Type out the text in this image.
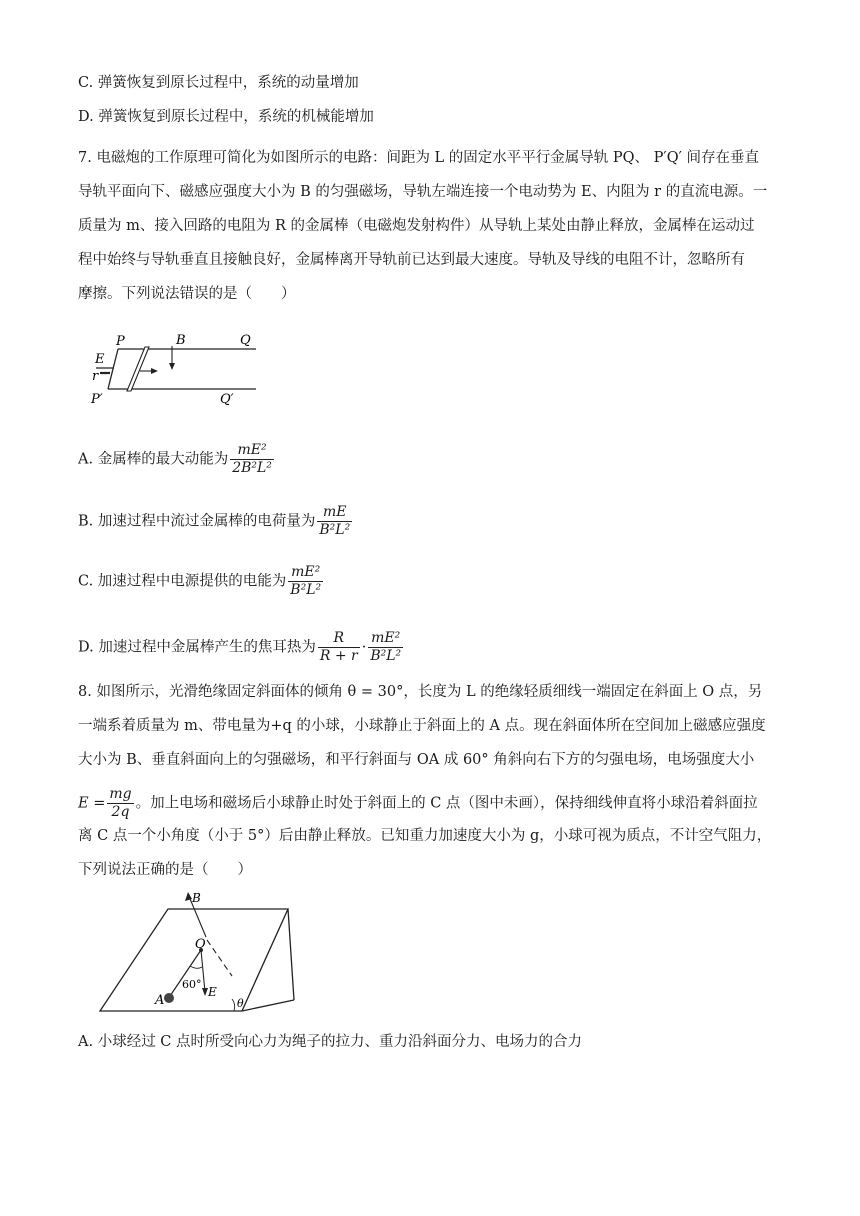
C. 弹簧恢复到原长过程中，系统的动量增加
D. 弹簧恢复到原长过程中，系统的机械能增加
7. 电磁炮的工作原理可简化为如图所示的电路：间距为 L 的固定水平平行金属导轨 PQ、 P′Q′ 间存在垂直
导轨平面向下、磁感应强度大小为 B 的匀强磁场，导轨左端连接一个电动势为 E、内阻为 r 的直流电源。一
质量为 m、接入回路的电阻为 R 的金属棒（电磁炮发射构件）从导轨上某处由静止释放，金属棒在运动过
程中始终与导轨垂直且接触良好，金属棒离开导轨前已达到最大速度。导轨及导线的电阻不计，忽略所有
摩擦。下列说法错误的是（　　）
P	Q
P′	Q′
B
E
r
A. 金属棒的最大动能为 $\frac{\text{mE²}}{\text{2B²L²}}$
B. 加速过程中流过金属棒的电荷量为 $\frac{mE}{\text{B²L²}}$
C. 加速过程中电源提供的电能为 $\frac{\text{mE²}}{\text{B²L²}}$
D. 加速过程中金属棒产生的焦耳热为 $\frac{R}{R + r} \cdot \frac{\text{mE²}}{\text{B²L²}}$
8. 如图所示，光滑绝缘固定斜面体的倾角 θ = 30°，长度为 L 的绝缘轻质细线一端固定在斜面上 O 点，另
一端系着质量为 m、带电量为+q 的小球，小球静止于斜面上的 A 点。现在斜面体所在空间加上磁感应强度
大小为 B、垂直斜面向上的匀强磁场，和平行斜面与 OA 成 60° 角斜向右下方的匀强电场，电场强度大小
$E = \frac{mg}{2q}$ 。加上电场和磁场后小球静止时处于斜面上的 C 点（图中未画），保持细线伸直将小球沿着斜面拉
离 C 点一个小角度（小于 5°）后由静止释放。已知重力加速度大小为 g，小球可视为质点，不计空气阻力，
下列说法正确的是（　　）
B
O
A
E
60°
θ
A. 小球经过 C 点时所受向心力为绳子的拉力、重力沿斜面分力、电场力的合力
